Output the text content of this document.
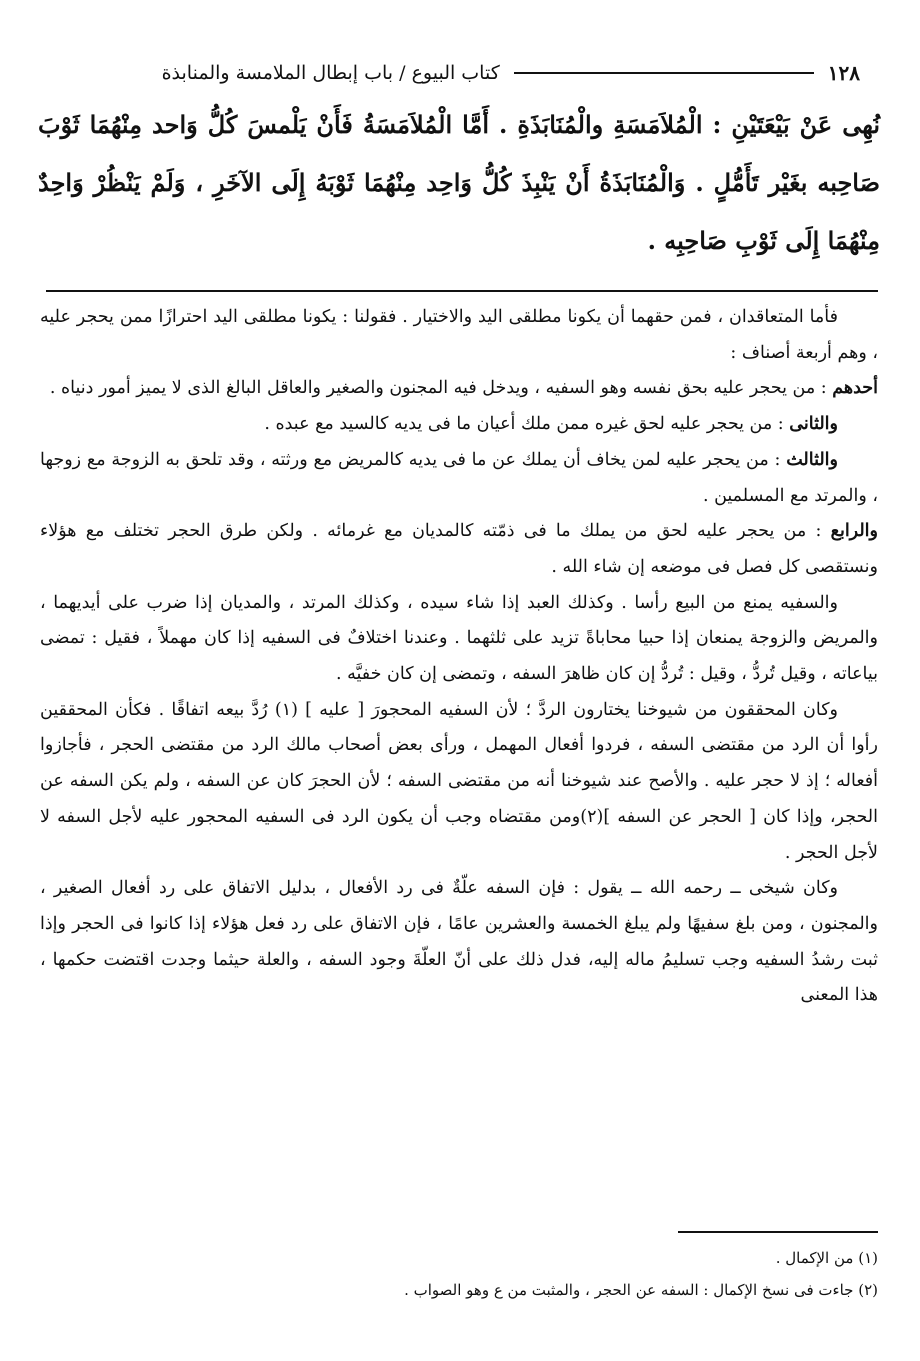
١٢٨
كتاب البيوع / باب إبطال الملامسة والمنابذة
نُهِى عَنْ بَيْعَتَيْنِ : الْمُلاَمَسَةِ والْمُنَابَذَةِ . أَمَّا الْمُلاَمَسَةُ فَأَنْ يَلْمسَ كُلُّ وَاحد مِنْهُمَا ثَوْبَ صَاحِبه بغَيْر تَأَمُّلٍ . وَالْمُنَابَذَةُ أَنْ يَنْبِذَ كُلُّ وَاحِد مِنْهُمَا ثَوْبَهُ إِلَى الآخَرِ ، وَلَمْ يَنْظُرْ وَاحِدٌ مِنْهُمَا إِلَى ثَوْبِ صَاحِبِه .

فأما المتعاقدان ، فمن حقهما أن يكونا مطلقى اليد والاختيار . فقولنا : يكونا مطلقى اليد احترازًا ممن يحجر عليه ، وهم أربعة أصناف :

أحدهم : من يحجر عليه بحق نفسه وهو السفيه ، ويدخل فيه المجنون والصغير والعاقل البالغ الذى لا يميز أمور دنياه .

والثانى : من يحجر عليه لحق غيره ممن ملك أعيان ما فى يديه كالسيد مع عبده .

والثالث : من يحجر عليه لمن يخاف أن يملك عن ما فى يديه كالمريض مع ورثته ، وقد تلحق به الزوجة مع زوجها ، والمرتد مع المسلمين .

والرابع : من يحجر عليه لحق من يملك ما فى ذمّته كالمديان مع غرمائه . ولكن طرق الحجر تختلف مع هؤلاء ونستقصى كل فصل فى موضعه إن شاء الله .

والسفيه يمنع من البيع رأسا . وكذلك العبد إذا شاء سيده ، وكذلك المرتد ، والمديان إذا ضرب على أيديهما ، والمريض والزوجة يمنعان إذا حبيا محاباةً تزيد على ثلثهما . وعندنا اختلافٌ فى السفيه إذا كان مهملاً ، فقيل : تمضى بياعاته ، وقيل تُردُّ ، وقيل : تُردُّ إن كان ظاهرَ السفه ، وتمضى إن كان خفيَّه .

وكان المحققون من شيوخنا يختارون الردَّ ؛ لأن السفيه المحجورَ [ عليه ] (١) رُدَّ بيعه اتفاقًا . فكأن المحققين رأوا أن الرد من مقتضى السفه ، فردوا أفعال المهمل ، ورأى بعض أصحاب مالك الرد من مقتضى الحجر ، فأجازوا أفعاله ؛ إذ لا حجر عليه . والأصح عند شيوخنا أنه من مقتضى السفه ؛ لأن الحجرَ كان عن السفه ، ولم يكن السفه عن الحجر، وإذا كان [ الحجر عن السفه ](٢)ومن مقتضاه وجب أن يكون الرد فى السفيه المحجور عليه لأجل السفه لا لأجل الحجر .

وكان شيخى ــ رحمه الله ــ يقول : فإن السفه علّةٌ فى رد الأفعال ، بدليل الاتفاق على رد أفعال الصغير ، والمجنون ، ومن بلغ سفيهًا ولم يبلغ الخمسة والعشرين عامًا ، فإن الاتفاق على رد فعل هؤلاء إذا كانوا فى الحجر وإذا ثبت رشدُ السفيه وجب تسليمُ ماله إليه، فدل ذلك على أنّ العلّةَ وجود السفه ، والعلة حيثما وجدت اقتضت حكمها ، هذا المعنى

(١) من الإكمال .
(٢) جاءت فى نسخ الإكمال : السفه عن الحجر ، والمثبت من ع وهو الصواب .
